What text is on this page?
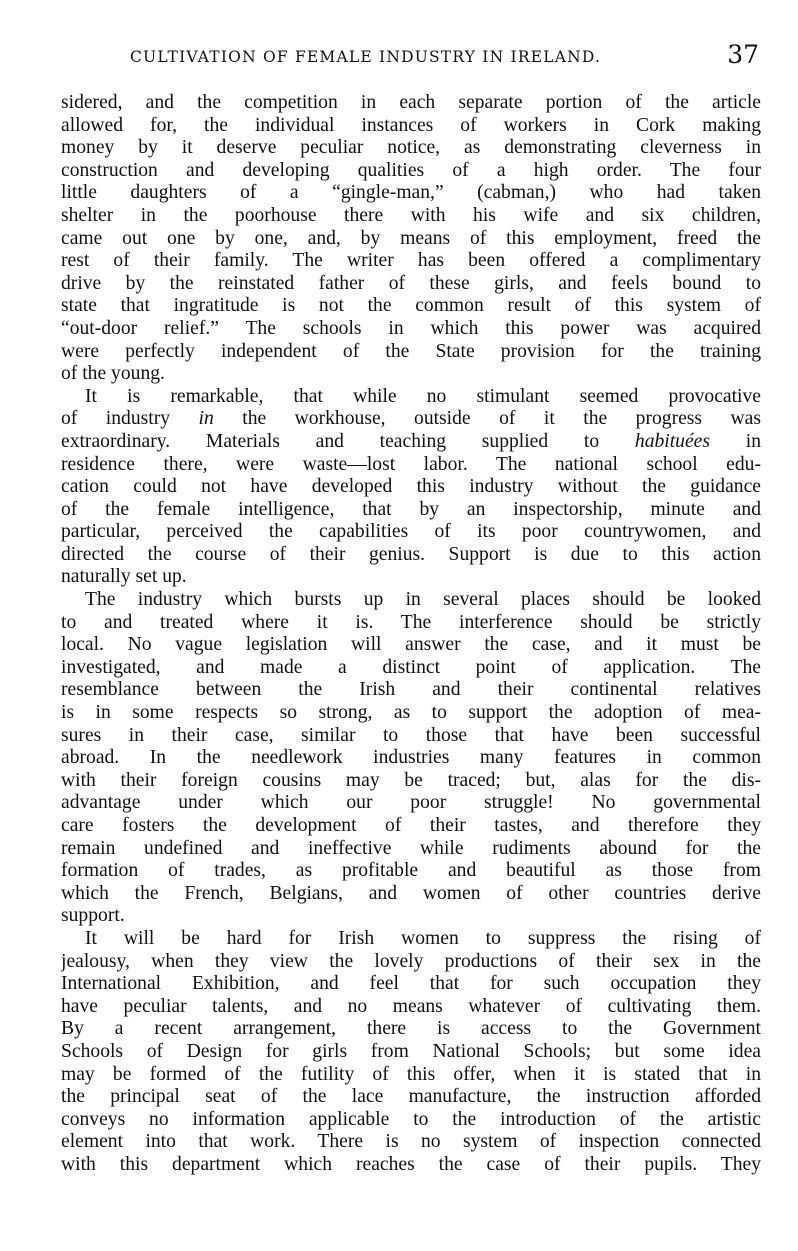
CULTIVATION OF FEMALE INDUSTRY IN IRELAND.	37
sidered, and the competition in each separate portion of the article
allowed for, the individual instances of workers in Cork making
money by it deserve peculiar notice, as demonstrating cleverness in
construction and developing qualities of a high order. The four
little daughters of a “gingle-man,” (cabman,) who had taken
shelter in the poorhouse there with his wife and six children,
came out one by one, and, by means of this employment, freed the
rest of their family. The writer has been offered a complimentary
drive by the reinstated father of these girls, and feels bound to
state that ingratitude is not the common result of this system of
“out-door relief.” The schools in which this power was acquired
were perfectly independent of the State provision for the training
of the young.
It is remarkable, that while no stimulant seemed provocative
of industry in the workhouse, outside of it the progress was
extraordinary. Materials and teaching supplied to habituées in
residence there, were waste—lost labor. The national school edu-
cation could not have developed this industry without the guidance
of the female intelligence, that by an inspectorship, minute and
particular, perceived the capabilities of its poor countrywomen, and
directed the course of their genius. Support is due to this action
naturally set up.
The industry which bursts up in several places should be looked
to and treated where it is. The interference should be strictly
local. No vague legislation will answer the case, and it must be
investigated, and made a distinct point of application. The
resemblance between the Irish and their continental relatives
is in some respects so strong, as to support the adoption of mea-
sures in their case, similar to those that have been successful
abroad. In the needlework industries many features in common
with their foreign cousins may be traced; but, alas for the dis-
advantage under which our poor struggle! No governmental
care fosters the development of their tastes, and therefore they
remain undefined and ineffective while rudiments abound for the
formation of trades, as profitable and beautiful as those from
which the French, Belgians, and women of other countries derive
support.
It will be hard for Irish women to suppress the rising of
jealousy, when they view the lovely productions of their sex in the
International Exhibition, and feel that for such occupation they
have peculiar talents, and no means whatever of cultivating them.
By a recent arrangement, there is access to the Government
Schools of Design for girls from National Schools; but some idea
may be formed of the futility of this offer, when it is stated that in
the principal seat of the lace manufacture, the instruction afforded
conveys no information applicable to the introduction of the artistic
element into that work. There is no system of inspection connected
with this department which reaches the case of their pupils. They
